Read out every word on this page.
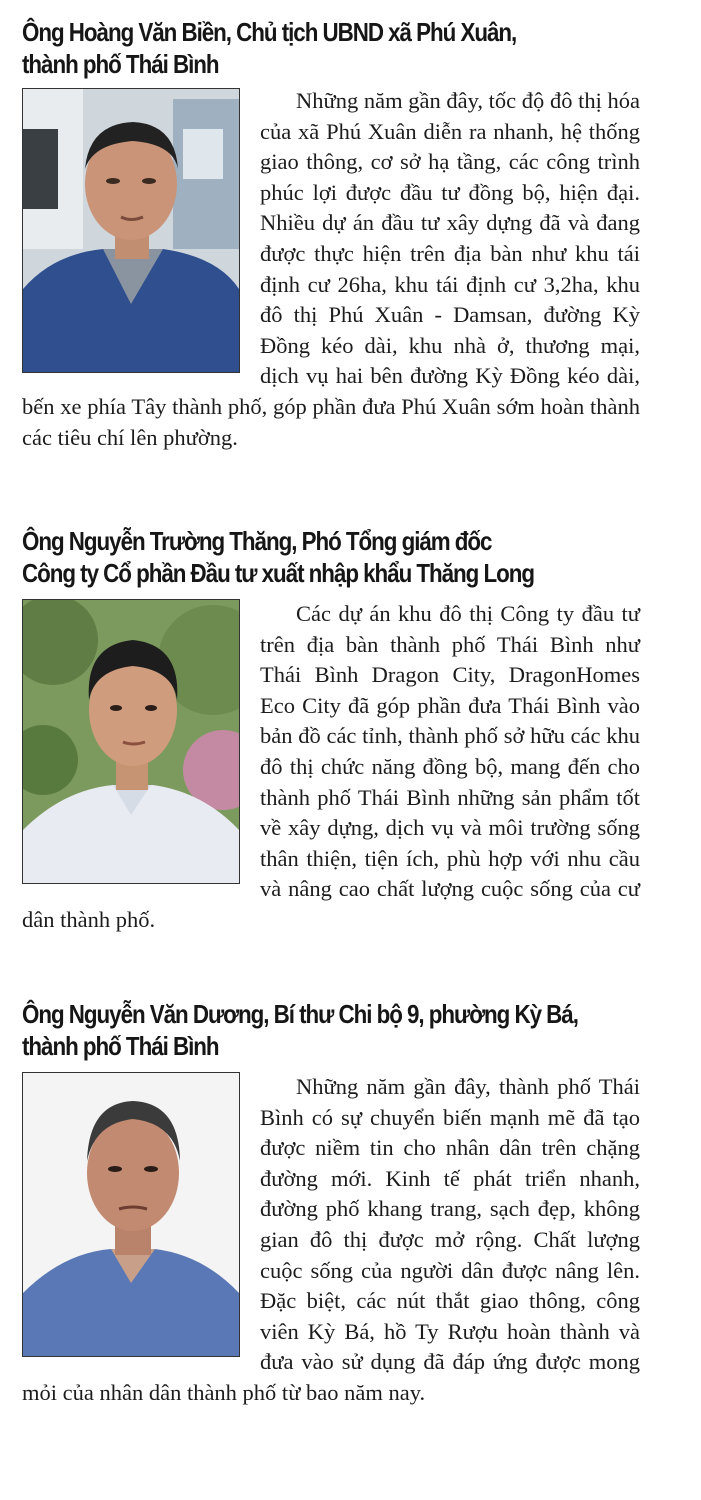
Ông Hoàng Văn Biền, Chủ tịch UBND xã Phú Xuân,
thành phố Thái Bình

Những năm gần đây, tốc độ đô thị hóa của xã Phú Xuân diễn ra nhanh, hệ thống giao thông, cơ sở hạ tầng, các công trình phúc lợi được đầu tư đồng bộ, hiện đại. Nhiều dự án đầu tư xây dựng đã và đang được thực hiện trên địa bàn như khu tái định cư 26ha, khu tái định cư 3,2ha, khu đô thị Phú Xuân - Damsan, đường Kỳ Đồng kéo dài, khu nhà ở, thương mại, dịch vụ hai bên đường Kỳ Đồng kéo dài, bến xe phía Tây thành phố, góp phần đưa Phú Xuân sớm hoàn thành các tiêu chí lên phường.

Ông Nguyễn Trường Thăng, Phó Tổng giám đốc
Công ty Cổ phần Đầu tư xuất nhập khẩu Thăng Long

Các dự án khu đô thị Công ty đầu tư trên địa bàn thành phố Thái Bình như Thái Bình Dragon City, DragonHomes Eco City đã góp phần đưa Thái Bình vào bản đồ các tỉnh, thành phố sở hữu các khu đô thị chức năng đồng bộ, mang đến cho thành phố Thái Bình những sản phẩm tốt về xây dựng, dịch vụ và môi trường sống thân thiện, tiện ích, phù hợp với nhu cầu và nâng cao chất lượng cuộc sống của cư dân thành phố.

Ông Nguyễn Văn Dương, Bí thư Chi bộ 9, phường Kỳ Bá,
thành phố Thái Bình

Những năm gần đây, thành phố Thái Bình có sự chuyển biến mạnh mẽ đã tạo được niềm tin cho nhân dân trên chặng đường mới. Kinh tế phát triển nhanh, đường phố khang trang, sạch đẹp, không gian đô thị được mở rộng. Chất lượng cuộc sống của người dân được nâng lên. Đặc biệt, các nút thắt giao thông, công viên Kỳ Bá, hồ Ty Rượu hoàn thành và đưa vào sử dụng đã đáp ứng được mong mỏi của nhân dân thành phố từ bao năm nay.
